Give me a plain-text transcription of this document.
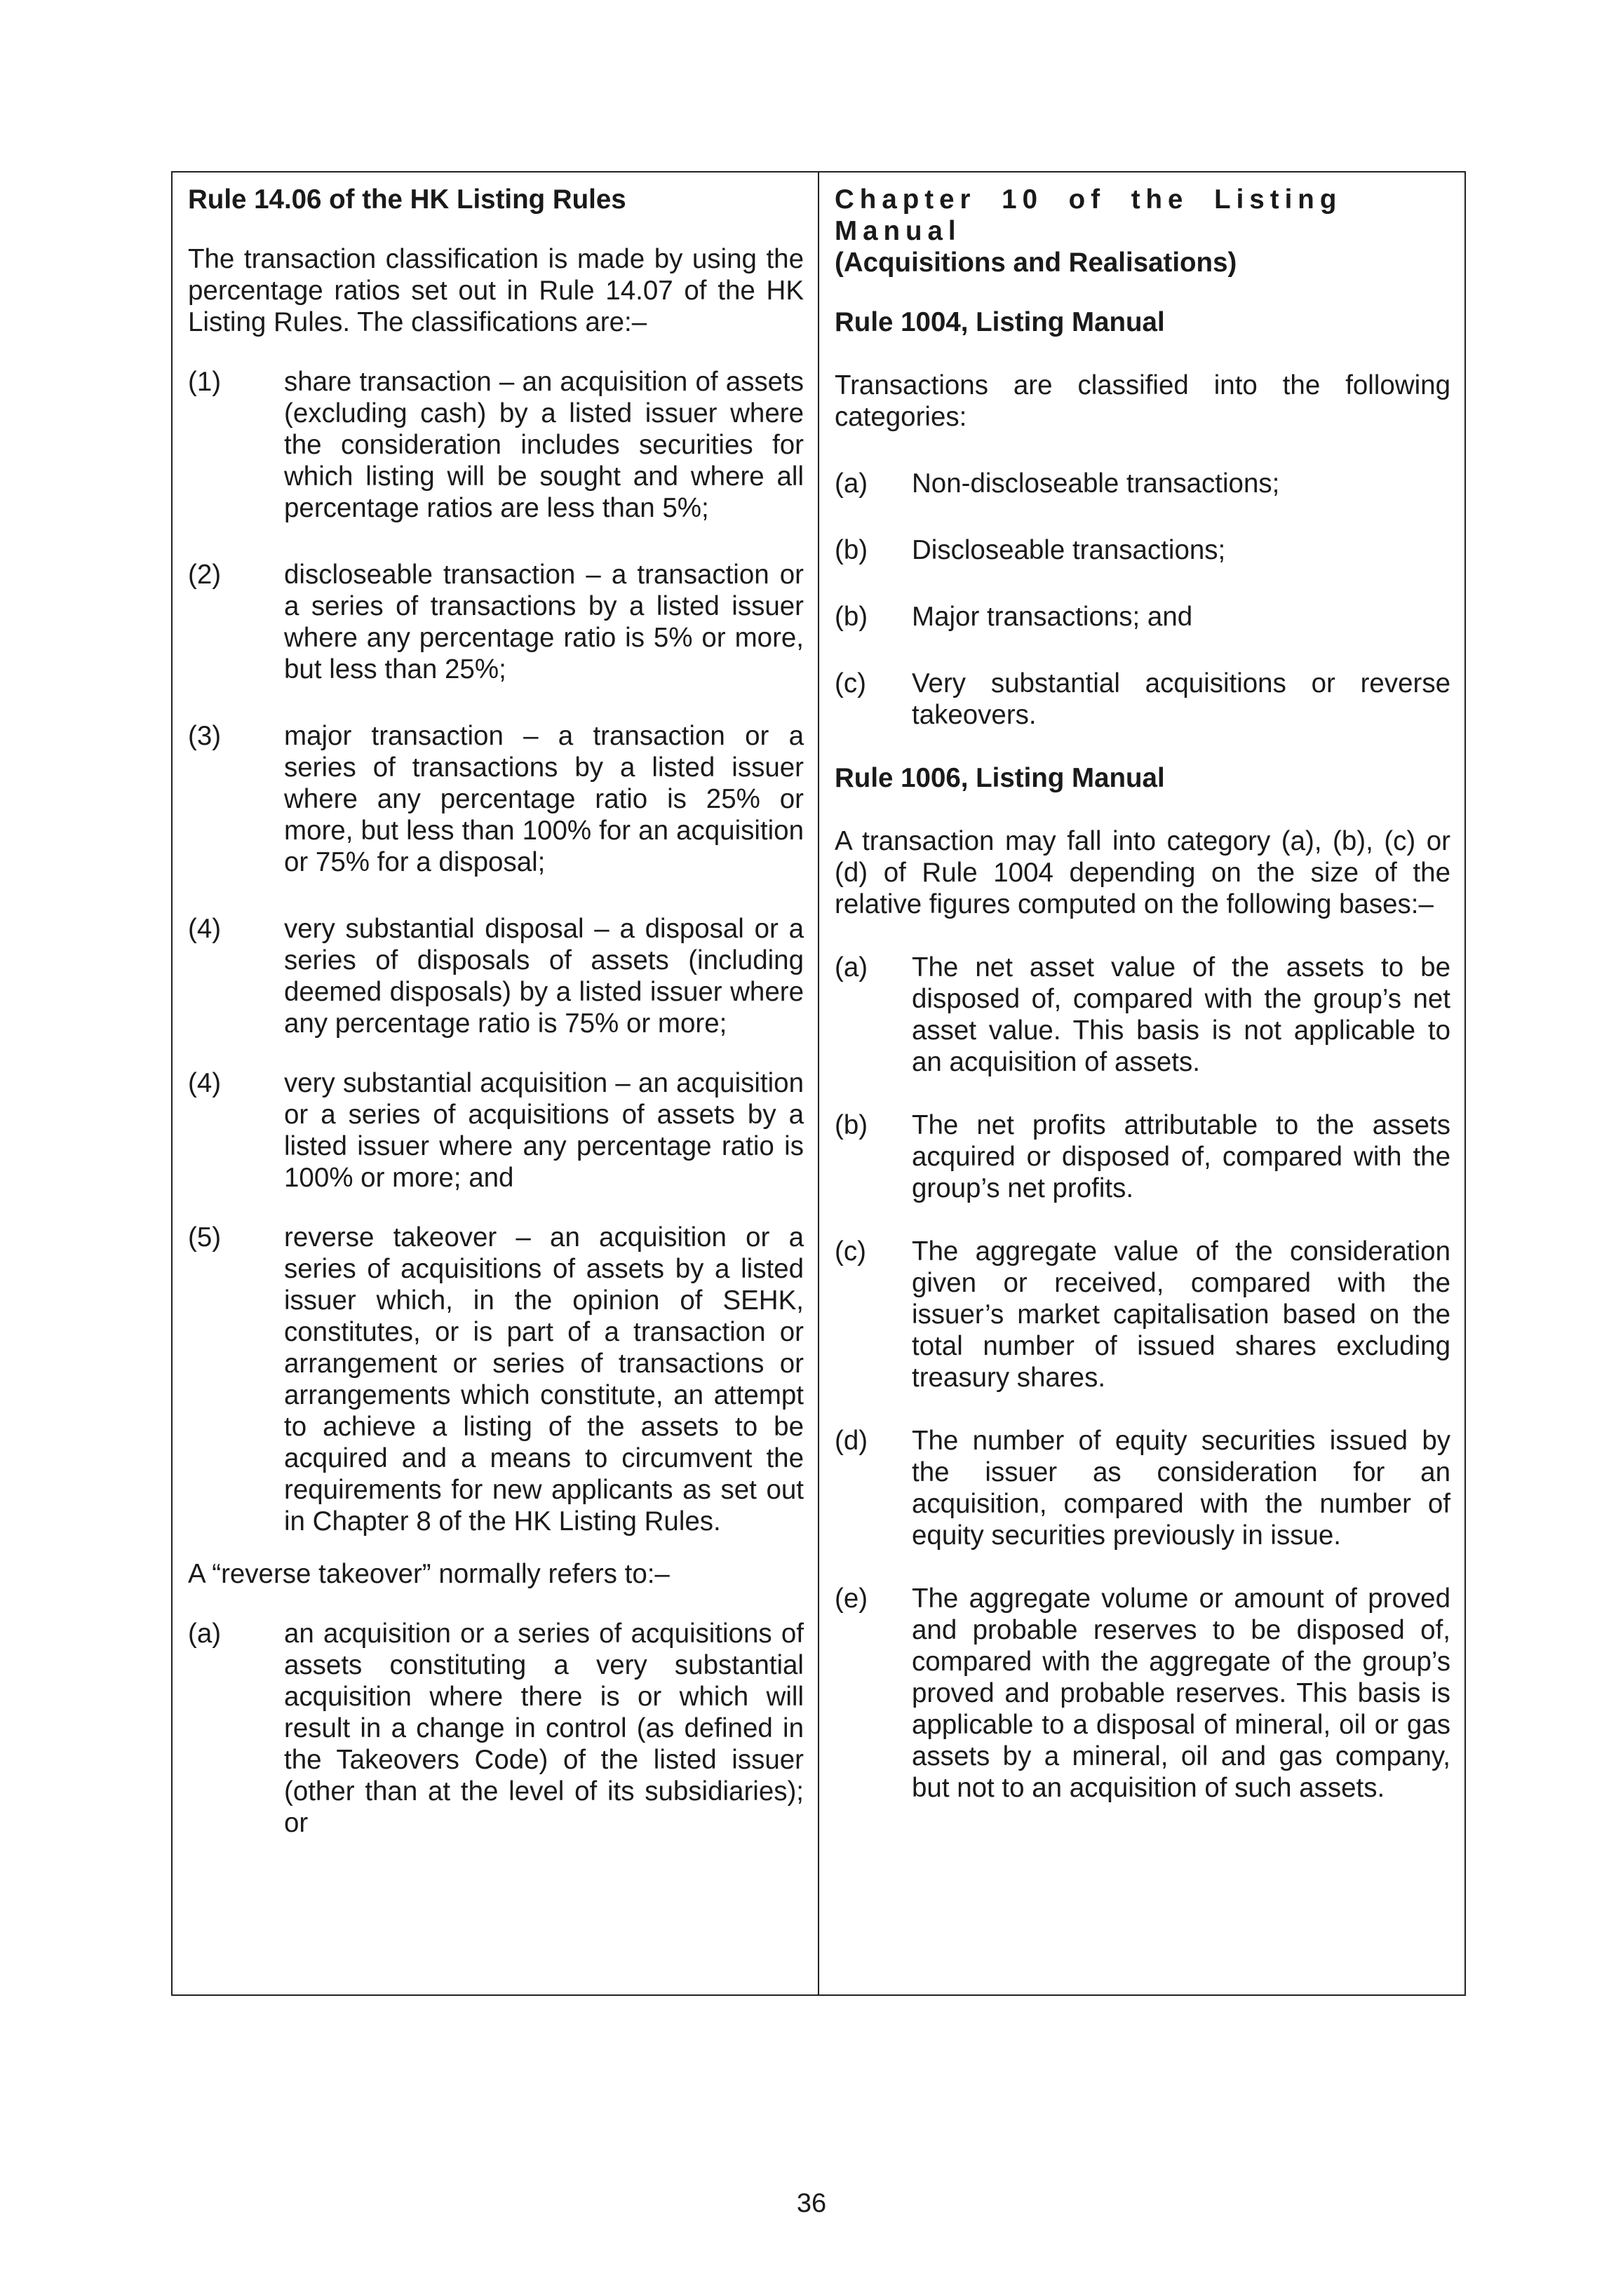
Rule 14.06 of the HK Listing Rules

The transaction classification is made by using the percentage ratios set out in Rule 14.07 of the HK Listing Rules. The classifications are:–

(1)	share transaction – an acquisition of assets (excluding cash) by a listed issuer where the consideration includes securities for which listing will be sought and where all percentage ratios are less than 5%;
(2)	discloseable transaction – a transaction or a series of transactions by a listed issuer where any percentage ratio is 5% or more, but less than 25%;
(3)	major transaction – a transaction or a series of transactions by a listed issuer where any percentage ratio is 25% or more, but less than 100% for an acquisition or 75% for a disposal;
(4)	very substantial disposal – a disposal or a series of disposals of assets (including deemed disposals) by a listed issuer where any percentage ratio is 75% or more;
(4)	very substantial acquisition – an acquisition or a series of acquisitions of assets by a listed issuer where any percentage ratio is 100% or more; and
(5)	reverse takeover – an acquisition or a series of acquisitions of assets by a listed issuer which, in the opinion of SEHK, constitutes, or is part of a transaction or arrangement or series of transactions or arrangements which constitute, an attempt to achieve a listing of the assets to be acquired and a means to circumvent the requirements for new applicants as set out in Chapter 8 of the HK Listing Rules.

A “reverse takeover” normally refers to:–

(a)	an acquisition or a series of acquisitions of assets constituting a very substantial acquisition where there is or which will result in a change in control (as defined in the Takeovers Code) of the listed issuer (other than at the level of its subsidiaries); or

Chapter 10 of the Listing Manual

(Acquisitions and Realisations)

Rule 1004, Listing Manual

Transactions are classified into the following categories:

(a)	Non-discloseable transactions;
(b)	Discloseable transactions;
(b)	Major transactions; and
(c)	Very substantial acquisitions or reverse takeovers.

Rule 1006, Listing Manual

A transaction may fall into category (a), (b), (c) or (d) of Rule 1004 depending on the size of the relative figures computed on the following bases:–

(a)	The net asset value of the assets to be disposed of, compared with the group’s net asset value. This basis is not applicable to an acquisition of assets.
(b)	The net profits attributable to the assets acquired or disposed of, compared with the group’s net profits.
(c)	The aggregate value of the consideration given or received, compared with the issuer’s market capitalisation based on the total number of issued shares excluding treasury shares.
(d)	The number of equity securities issued by the issuer as consideration for an acquisition, compared with the number of equity securities previously in issue.
(e)	The aggregate volume or amount of proved and probable reserves to be disposed of, compared with the aggregate of the group’s proved and probable reserves. This basis is applicable to a disposal of mineral, oil or gas assets by a mineral, oil and gas company, but not to an acquisition of such assets.
36
